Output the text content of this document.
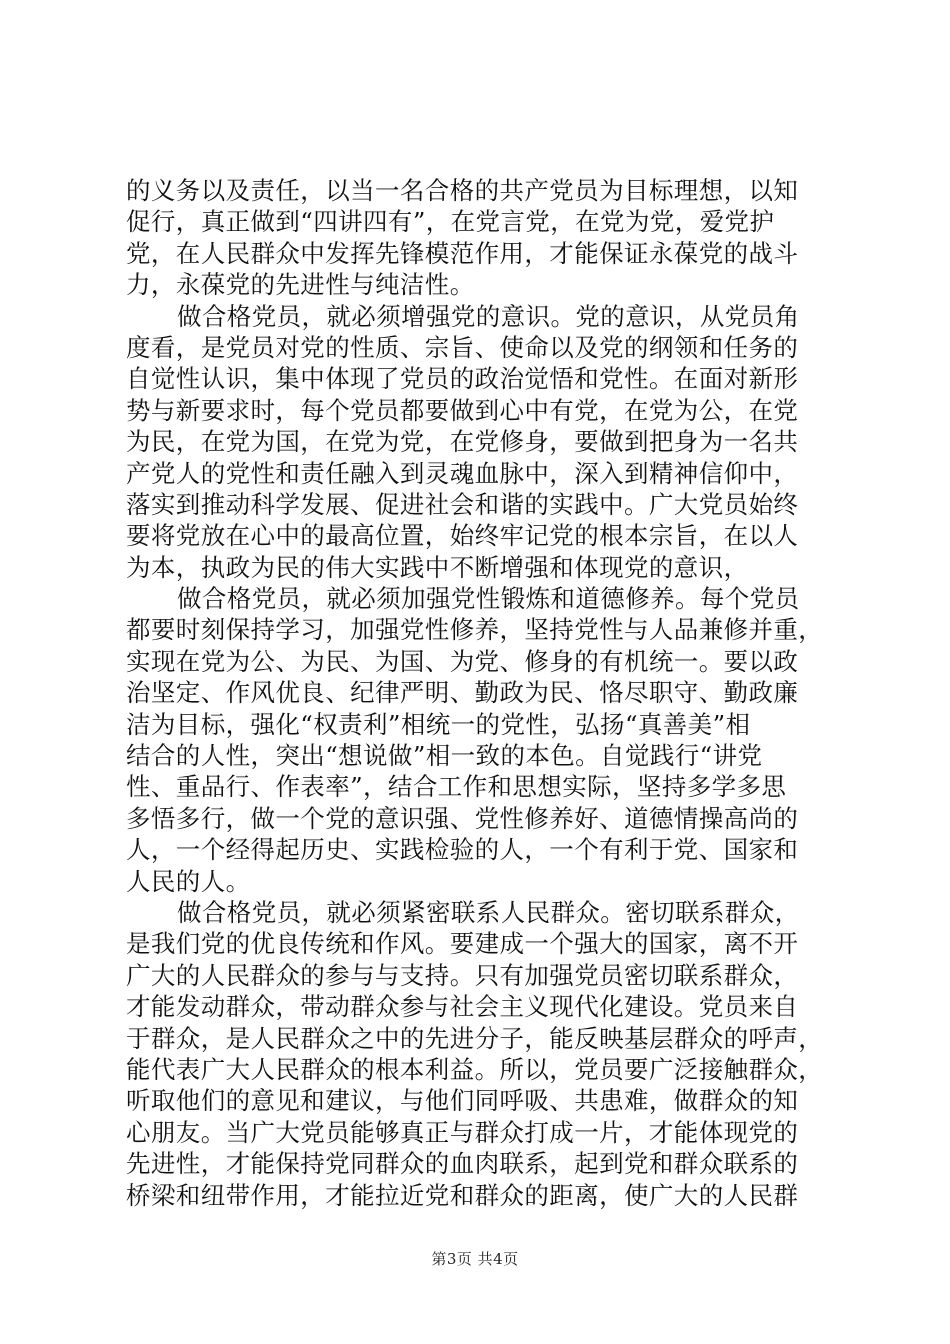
的义务以及责任，以当一名合格的共产党员为目标理想，以知
促行，真正做到“四讲四有”，在党言党，在党为党，爱党护
党，在人民群众中发挥先锋模范作用，才能保证永葆党的战斗
力，永葆党的先进性与纯洁性。
做合格党员，就必须增强党的意识。党的意识，从党员角
度看，是党员对党的性质、宗旨、使命以及党的纲领和任务的
自觉性认识，集中体现了党员的政治觉悟和党性。在面对新形
势与新要求时，每个党员都要做到心中有党，在党为公，在党
为民，在党为国，在党为党，在党修身，要做到把身为一名共
产党人的党性和责任融入到灵魂血脉中，深入到精神信仰中，
落实到推动科学发展、促进社会和谐的实践中。广大党员始终
要将党放在心中的最高位置，始终牢记党的根本宗旨，在以人
为本，执政为民的伟大实践中不断增强和体现党的意识，
做合格党员，就必须加强党性锻炼和道德修养。每个党员
都要时刻保持学习，加强党性修养，坚持党性与人品兼修并重，
实现在党为公、为民、为国、为党、修身的有机统一。要以政
治坚定、作风优良、纪律严明、勤政为民、恪尽职守、勤政廉
洁为目标，强化“权责利”相统一的党性，弘扬“真善美”相
结合的人性，突出“想说做”相一致的本色。自觉践行“讲党
性、重品行、作表率”，结合工作和思想实际，坚持多学多思
多悟多行，做一个党的意识强、党性修养好、道德情操高尚的
人，一个经得起历史、实践检验的人，一个有利于党、国家和
人民的人。
做合格党员，就必须紧密联系人民群众。密切联系群众，
是我们党的优良传统和作风。要建成一个强大的国家，离不开
广大的人民群众的参与与支持。只有加强党员密切联系群众，
才能发动群众，带动群众参与社会主义现代化建设。党员来自
于群众，是人民群众之中的先进分子，能反映基层群众的呼声，
能代表广大人民群众的根本利益。所以，党员要广泛接触群众，
听取他们的意见和建议，与他们同呼吸、共患难，做群众的知
心朋友。当广大党员能够真正与群众打成一片，才能体现党的
先进性，才能保持党同群众的血肉联系，起到党和群众联系的
桥梁和纽带作用，才能拉近党和群众的距离，使广大的人民群
第3页 共4页
